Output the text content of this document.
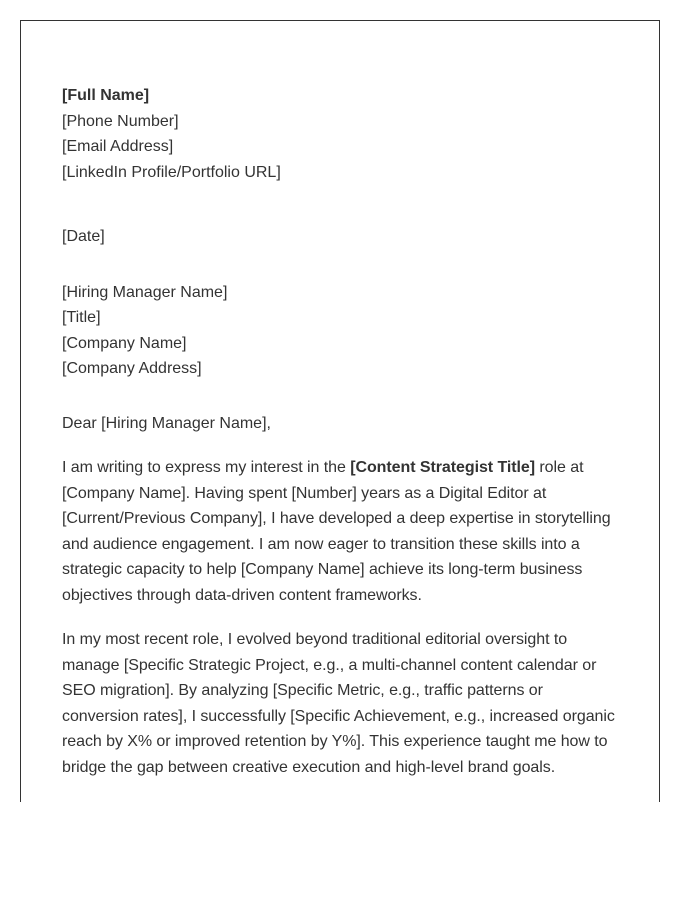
[Full Name]
[Phone Number]
[Email Address]
[LinkedIn Profile/Portfolio URL]
[Date]
[Hiring Manager Name]
[Title]
[Company Name]
[Company Address]
Dear [Hiring Manager Name],
I am writing to express my interest in the [Content Strategist Title] role at
[Company Name]. Having spent [Number] years as a Digital Editor at
[Current/Previous Company], I have developed a deep expertise in storytelling
and audience engagement. I am now eager to transition these skills into a
strategic capacity to help [Company Name] achieve its long-term business
objectives through data-driven content frameworks.
In my most recent role, I evolved beyond traditional editorial oversight to
manage [Specific Strategic Project, e.g., a multi-channel content calendar or
SEO migration]. By analyzing [Specific Metric, e.g., traffic patterns or
conversion rates], I successfully [Specific Achievement, e.g., increased organic
reach by X% or improved retention by Y%]. This experience taught me how to
bridge the gap between creative execution and high-level brand goals.
